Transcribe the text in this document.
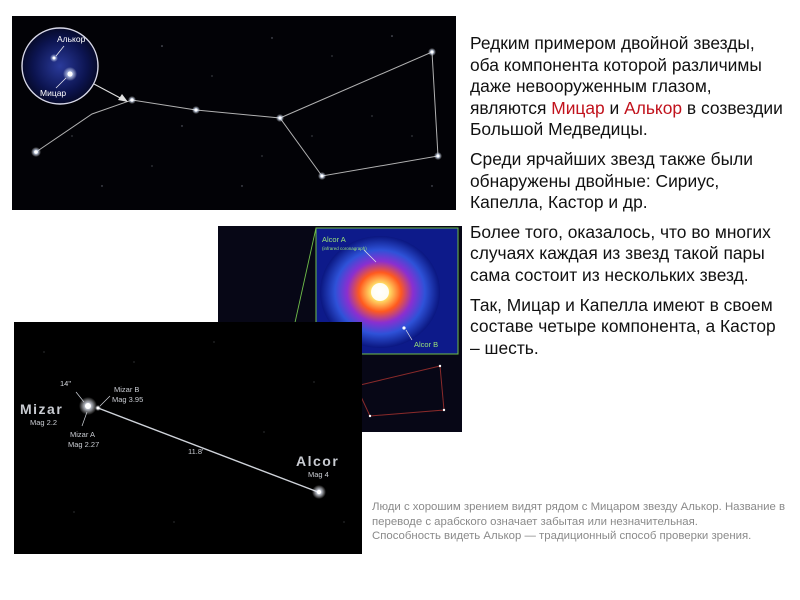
Алькор
Мицар
Alcor A
(infrared coronagraph)
Alcor B
14"
Mizar
Mag 2.2
Mizar B
Mag 3.95
Mizar A
Mag 2.27
11.8'
Alcor
Mag 4

Редким примером двойной звезды, оба компонента которой различимы даже невооруженным глазом, являются Мицар и Алькор в созвездии Большой Медведицы.

Среди ярчайших звезд также были обнаружены двойные: Сириус, Капелла, Кастор и др.

Более того, оказалось, что во многих случаях каждая из звезд такой пары сама состоит из нескольких звезд.

Так, Мицар и Капелла имеют в своем составе четыре компонента, а Кастор – шесть.

Люди с хорошим зрением видят рядом с Мицаром звезду Алькор. Название в переводе с арабского означает забытая или незначительная.

Способность видеть Алькор — традиционный способ проверки зрения.
